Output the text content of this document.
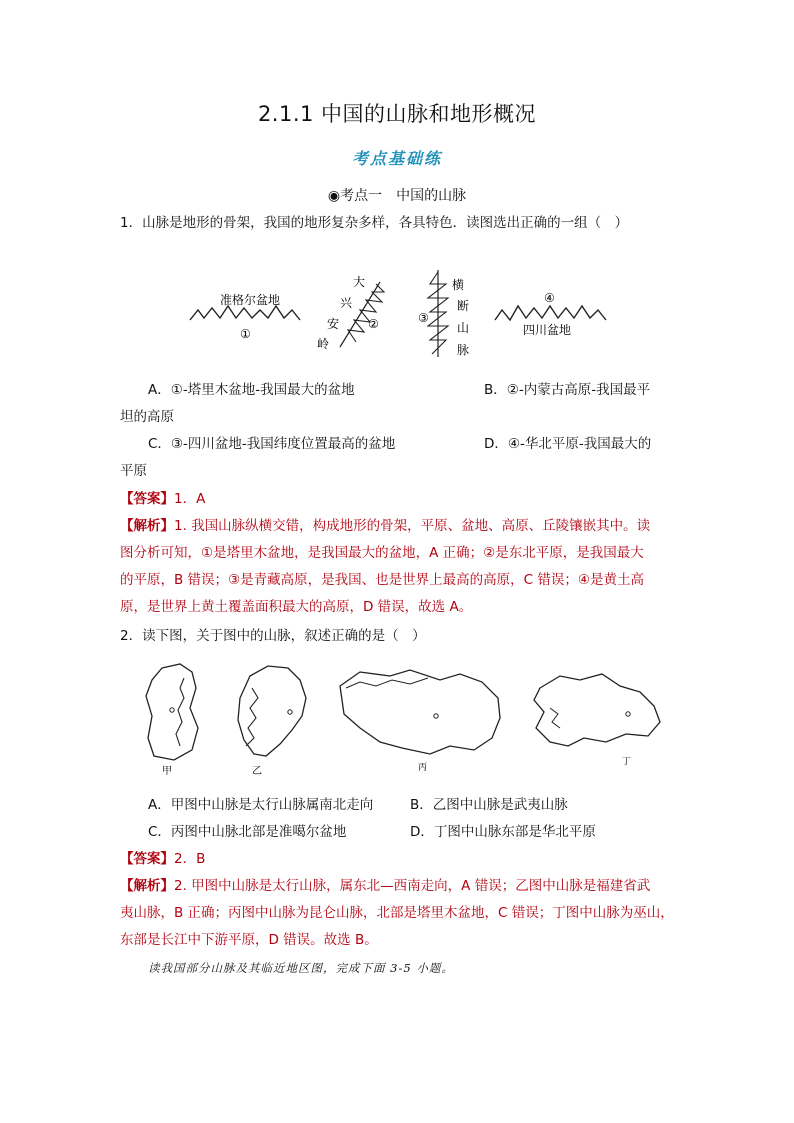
2.1.1 中国的山脉和地形概况
考点基础练
◉考点一　中国的山脉
1．山脉是地形的骨架，我国的地形复杂多样，各具特色．读图选出正确的一组（　）
准格尔盆地
①
大
兴
安
岭
②
横
断
山
脉
③
④
四川盆地
A．①-塔里木盆地-我国最大的盆地	B．②-内蒙古高原-我国最平
坦的高原
C．③-四川盆地-我国纬度位置最高的盆地	D．④-华北平原-我国最大的
平原
【答案】1．A
【解析】1. 我国山脉纵横交错，构成地形的骨架，平原、盆地、高原、丘陵镶嵌其中。读
图分析可知，①是塔里木盆地，是我国最大的盆地，A 正确；②是东北平原，是我国最大
的平原，B 错误；③是青藏高原，是我国、也是世界上最高的高原，C 错误；④是黄土高
原，是世界上黄土覆盖面积最大的高原，D 错误，故选 A。
2．读下图，关于图中的山脉，叙述正确的是（　）
甲	乙	丙
丁
A．甲图中山脉是太行山脉属南北走向	B．乙图中山脉是武夷山脉
C．丙图中山脉北部是准噶尔盆地	D．丁图中山脉东部是华北平原
【答案】2．B
【解析】2. 甲图中山脉是太行山脉，属东北—西南走向，A 错误；乙图中山脉是福建省武
夷山脉，B 正确；丙图中山脉为昆仑山脉，北部是塔里木盆地，C 错误；丁图中山脉为巫山，
东部是长江中下游平原，D 错误。故选 B。
读我国部分山脉及其临近地区图，完成下面 3-5 小题。
